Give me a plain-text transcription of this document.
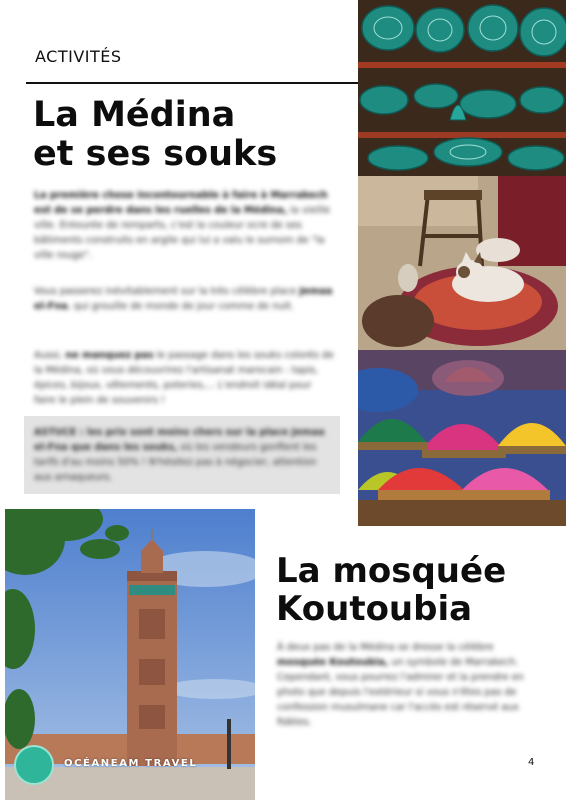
ACTIVITÉS
La Médina
et ses souks
La première chose incontournable à faire à Marrakech est de se perdre dans les ruelles de la Médina, la vieille ville. Entourée de remparts, c'est la couleur ocre de ses bâtiments construits en argile qui lui a valu le surnom de "la ville rouge".
Vous passerez inévitablement sur la très célèbre place Jemaa el-Fna, qui grouille de monde de jour comme de nuit.
Aussi, ne manquez pas le passage dans les souks colorés de la Médina, où vous découvrirez l'artisanat marocain : tapis, épices, bijoux, vêtements, poteries,... L'endroit idéal pour faire le plein de souvenirs !
ASTUCE : les prix sont moins chers sur la place Jemaa el-Fna que dans les souks, où les vendeurs gonflent les tarifs d'au moins 50% ! N'hésitez pas à négocier, attention aux arnaqueurs.
OCÉANEAM TRAVEL
La mosquée
Koutoubia
À deux pas de la Médina se dresse la célèbre mosquée Koutoubia, un symbole de Marrakech. Cependant, vous pourrez l'admirer et la prendre en photo que depuis l'extérieur si vous n'êtes pas de confession musulmane car l'accès est réservé aux fidèles.
4
